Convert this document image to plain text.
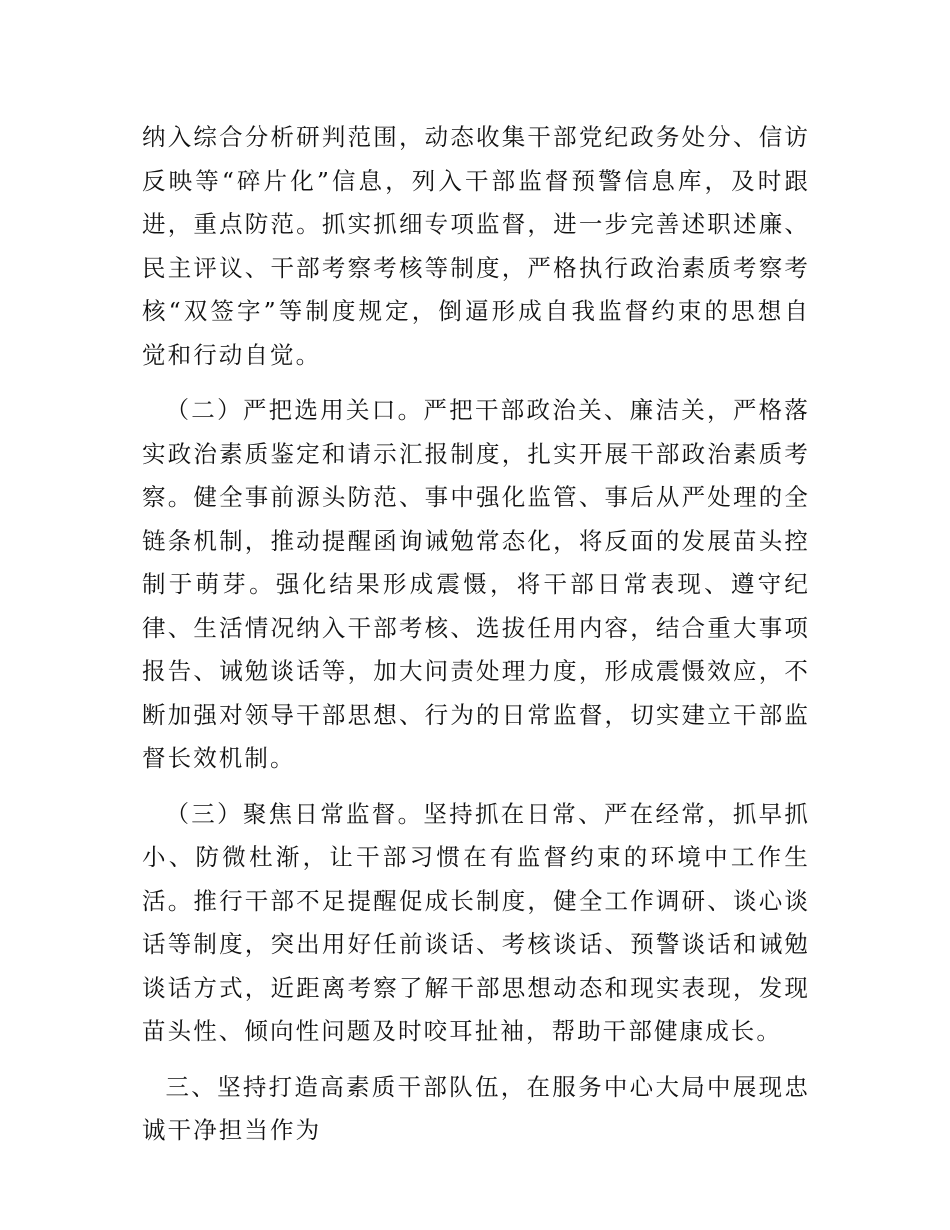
纳入综合分析研判范围，动态收集干部党纪政务处分、信访反映等“碎片化”信息，列入干部监督预警信息库，及时跟进，重点防范。抓实抓细专项监督，进一步完善述职述廉、民主评议、干部考察考核等制度，严格执行政治素质考察考核“双签字”等制度规定，倒逼形成自我监督约束的思想自觉和行动自觉。

（二）严把选用关口。严把干部政治关、廉洁关，严格落实政治素质鉴定和请示汇报制度，扎实开展干部政治素质考察。健全事前源头防范、事中强化监管、事后从严处理的全链条机制，推动提醒函询诫勉常态化，将反面的发展苗头控制于萌芽。强化结果形成震慑，将干部日常表现、遵守纪律、生活情况纳入干部考核、选拔任用内容，结合重大事项报告、诫勉谈话等，加大问责处理力度，形成震慑效应，不断加强对领导干部思想、行为的日常监督，切实建立干部监督长效机制。

（三）聚焦日常监督。坚持抓在日常、严在经常，抓早抓小、防微杜渐，让干部习惯在有监督约束的环境中工作生活。推行干部不足提醒促成长制度，健全工作调研、谈心谈话等制度，突出用好任前谈话、考核谈话、预警谈话和诫勉谈话方式，近距离考察了解干部思想动态和现实表现，发现苗头性、倾向性问题及时咬耳扯袖，帮助干部健康成长。

三、坚持打造高素质干部队伍，在服务中心大局中展现忠诚干净担当作为
